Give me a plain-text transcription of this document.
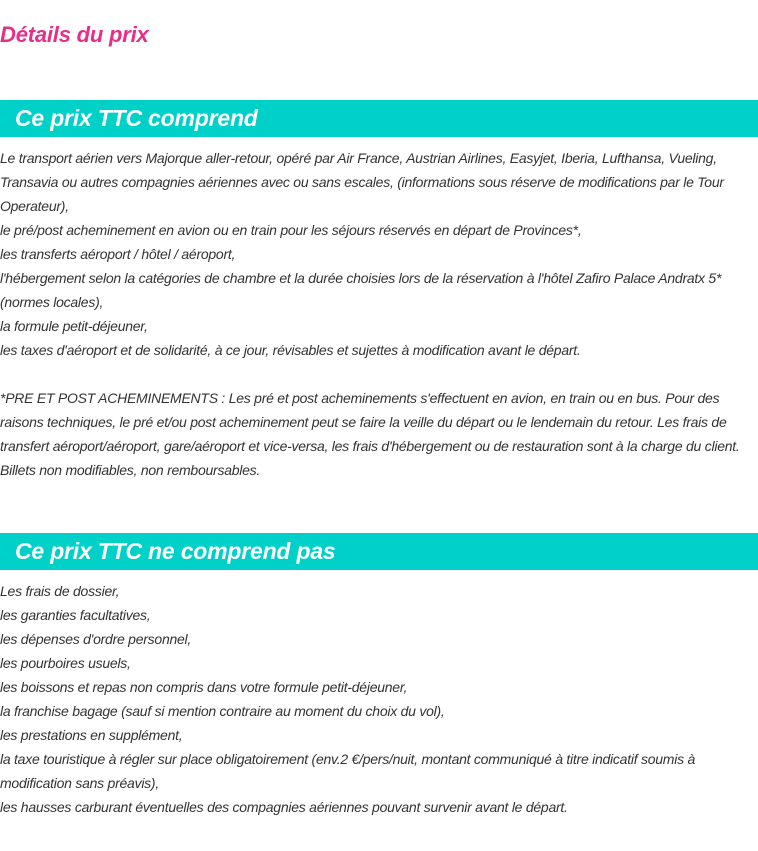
Détails du prix
Ce prix TTC comprend

Le transport aérien vers Majorque aller-retour, opéré par Air France, Austrian Airlines, Easyjet, Iberia, Lufthansa, Vueling, Transavia ou autres compagnies aériennes avec ou sans escales, (informations sous réserve de modifications par le Tour Operateur),

le pré/post acheminement en avion ou en train pour les séjours réservés en départ de Provinces*,

les transferts aéroport / hôtel / aéroport,

l'hébergement selon la catégories de chambre et la durée choisies lors de la réservation à l'hôtel Zafiro Palace Andratx 5* (normes locales),

la formule petit-déjeuner,

les taxes d'aéroport et de solidarité, à ce jour, révisables et sujettes à modification avant le départ.

*PRE ET POST ACHEMINEMENTS : Les pré et post acheminements s'effectuent en avion, en train ou en bus. Pour des raisons techniques, le pré et/ou post acheminement peut se faire la veille du départ ou le lendemain du retour. Les frais de transfert aéroport/aéroport, gare/aéroport et vice-versa, les frais d'hébergement ou de restauration sont à la charge du client. Billets non modifiables, non remboursables.

Ce prix TTC ne comprend pas

Les frais de dossier,

les garanties facultatives,

les dépenses d'ordre personnel,

les pourboires usuels,

les boissons et repas non compris dans votre formule petit-déjeuner,

la franchise bagage (sauf si mention contraire au moment du choix du vol),

les prestations en supplément,

la taxe touristique à régler sur place obligatoirement (env.2 €/pers/nuit, montant communiqué à titre indicatif soumis à modification sans préavis),

les hausses carburant éventuelles des compagnies aériennes pouvant survenir avant le départ.
